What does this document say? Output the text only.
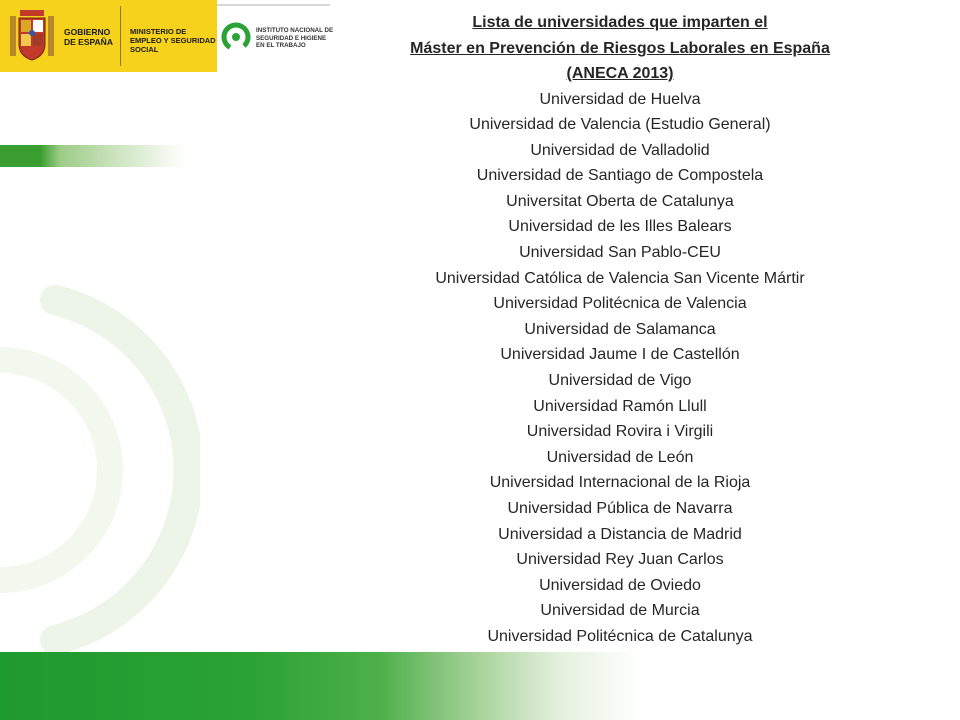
GOBIERNO DE ESPAÑA
MINISTERIO DE EMPLEO Y SEGURIDAD SOCIAL
INSTITUTO NACIONAL DE SEGURIDAD E HIGIENE EN EL TRABAJO
Lista de universidades que imparten el
Máster en Prevención de Riesgos Laborales en España
(ANECA 2013)
Universidad de Huelva
Universidad de Valencia (Estudio General)
Universidad de Valladolid
Universidad de Santiago de Compostela
Universitat Oberta de Catalunya
Universidad de les Illes Balears
Universidad San Pablo-CEU
Universidad Católica de Valencia San Vicente Mártir
Universidad Politécnica de Valencia
Universidad de Salamanca
Universidad Jaume I de Castellón
Universidad de Vigo
Universidad Ramón Llull
Universidad Rovira i Virgili
Universidad de León
Universidad Internacional de la Rioja
Universidad Pública de Navarra
Universidad a Distancia de Madrid
Universidad Rey Juan Carlos
Universidad de Oviedo
Universidad de Murcia
Universidad Politécnica de Catalunya
